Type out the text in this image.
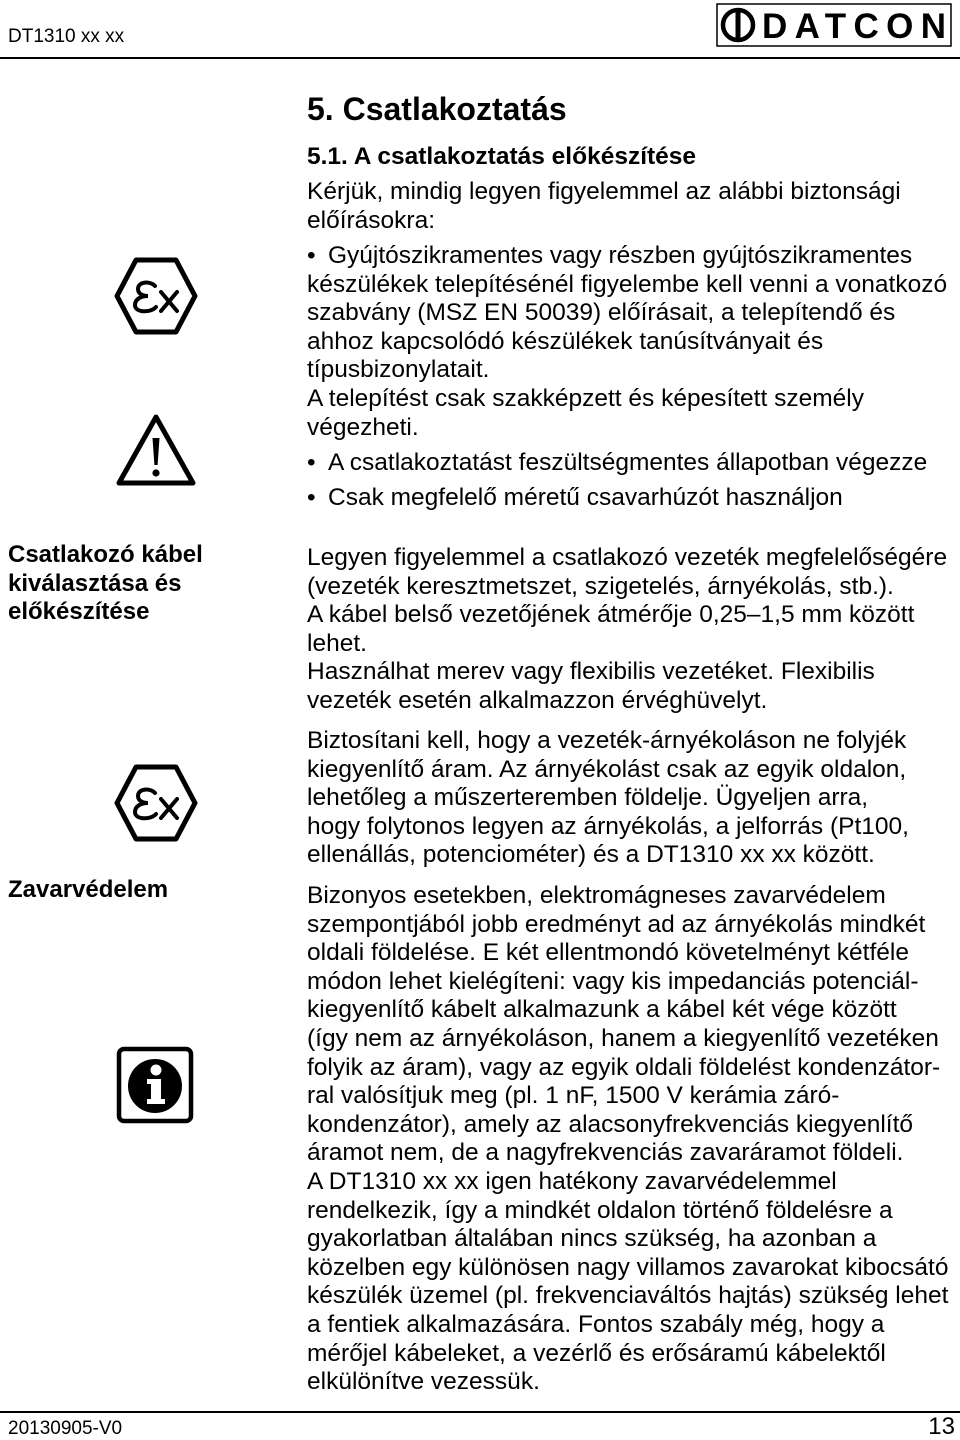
DT1310 xx xx	DATCON
5. Csatlakoztatás
5.1. A csatlakoztatás előkészítése
Kérjük, mindig legyen figyelemmel az alábbi biztonsági
előírásokra:
• Gyújtószikramentes vagy részben gyújtószikramentes
készülékek telepítésénél figyelembe kell venni a vonatkozó
szabvány (MSZ EN 50039) előírásait, a telepítendő és
ahhoz kapcsolódó készülékek tanúsítványait és
típusbizonylatait.
A telepítést csak szakképzett és képesített személy
végezheti.
• A csatlakoztatást feszültségmentes állapotban végezze
• Csak megfelelő méretű csavarhúzót használjon
Csatlakozó kábel
kiválasztása és
előkészítése
Legyen figyelemmel a csatlakozó vezeték megfelelőségére
(vezeték keresztmetszet, szigetelés, árnyékolás, stb.).
A kábel belső vezetőjének átmérője 0,25–1,5 mm között
lehet.
Használhat merev vagy flexibilis vezetéket. Flexibilis
vezeték esetén alkalmazzon érvéghüvelyt.
Biztosítani kell, hogy a vezeték-árnyékoláson ne folyjék
kiegyenlítő áram. Az árnyékolást csak az egyik oldalon,
lehetőleg a műszerteremben földelje. Ügyeljen arra,
hogy folytonos legyen az árnyékolás, a jelforrás (Pt100,
ellenállás, potenciométer) és a DT1310 xx xx között.
Zavarvédelem	Bizonyos esetekben, elektromágneses zavarvédelem
szempontjából jobb eredményt ad az árnyékolás mindkét
oldali földelése. E két ellentmondó követelményt kétféle
módon lehet kielégíteni: vagy kis impedanciás potenciál-
kiegyenlítő kábelt alkalmazunk a kábel két vége között
(így nem az árnyékoláson, hanem a kiegyenlítő vezetéken
folyik az áram), vagy az egyik oldali földelést kondenzátor-
ral valósítjuk meg (pl. 1 nF, 1500 V kerámia záró-
kondenzátor), amely az alacsonyfrekvenciás kiegyenlítő
áramot nem, de a nagyfrekvenciás zavaráramot földeli.
A DT1310 xx xx igen hatékony zavarvédelemmel
rendelkezik, így a mindkét oldalon történő földelésre a
gyakorlatban általában nincs szükség, ha azonban a
közelben egy különösen nagy villamos zavarokat kibocsátó
készülék üzemel (pl. frekvenciaváltós hajtás) szükség lehet
a fentiek alkalmazására. Fontos szabály még, hogy a
mérőjel kábeleket, a vezérlő és erősáramú kábelektől
elkülönítve vezessük.
20130905-V0	13
